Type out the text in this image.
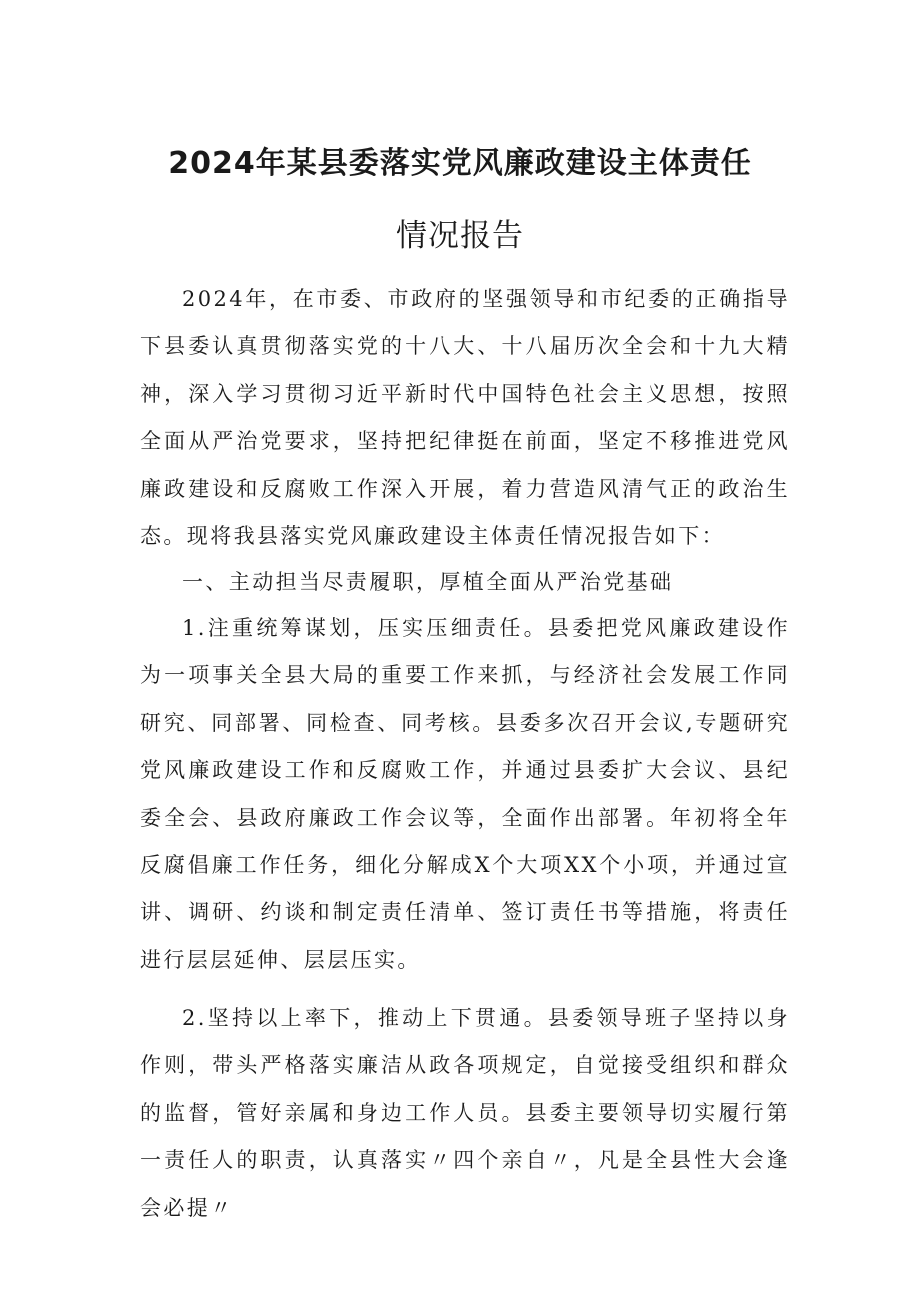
2024年某县委落实党风廉政建设主体责任
情况报告

2024年，在市委、市政府的坚强领导和市纪委的正确指导下县委认真贯彻落实党的十八大、十八届历次全会和十九大精神，深入学习贯彻习近平新时代中国特色社会主义思想，按照全面从严治党要求，坚持把纪律挺在前面，坚定不移推进党风廉政建设和反腐败工作深入开展，着力营造风清气正的政治生态。现将我县落实党风廉政建设主体责任情况报告如下：

一、主动担当尽责履职，厚植全面从严治党基础

1.注重统筹谋划，压实压细责任。县委把党风廉政建设作为一项事关全县大局的重要工作来抓，与经济社会发展工作同研究、同部署、同检查、同考核。县委多次召开会议,专题研究党风廉政建设工作和反腐败工作，并通过县委扩大会议、县纪委全会、县政府廉政工作会议等，全面作出部署。年初将全年反腐倡廉工作任务，细化分解成X个大项XX个小项，并通过宣讲、调研、约谈和制定责任清单、签订责任书等措施，将责任进行层层延伸、层层压实。

2.坚持以上率下，推动上下贯通。县委领导班子坚持以身作则，带头严格落实廉洁从政各项规定，自觉接受组织和群众的监督，管好亲属和身边工作人员。县委主要领导切实履行第一责任人的职责，认真落实〃四个亲自〃，凡是全县性大会逢会必提〃
